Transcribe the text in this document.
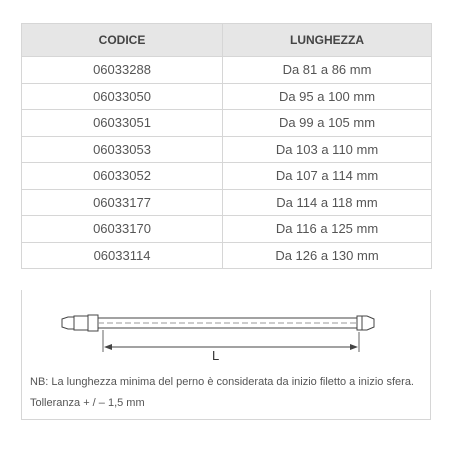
CODICE	LUNGHEZZA
06033288	Da 81 a 86 mm
06033050	Da 95 a 100 mm
06033051	Da 99 a 105 mm
06033053	Da 103 a 110 mm
06033052	Da 107 a 114 mm
06033177	Da 114 a 118 mm
06033170	Da 116 a 125 mm
06033114	Da 126 a 130 mm
L
NB: La lunghezza minima del perno è considerata da inizio filetto a inizio sfera.
Tolleranza + / – 1,5 mm
